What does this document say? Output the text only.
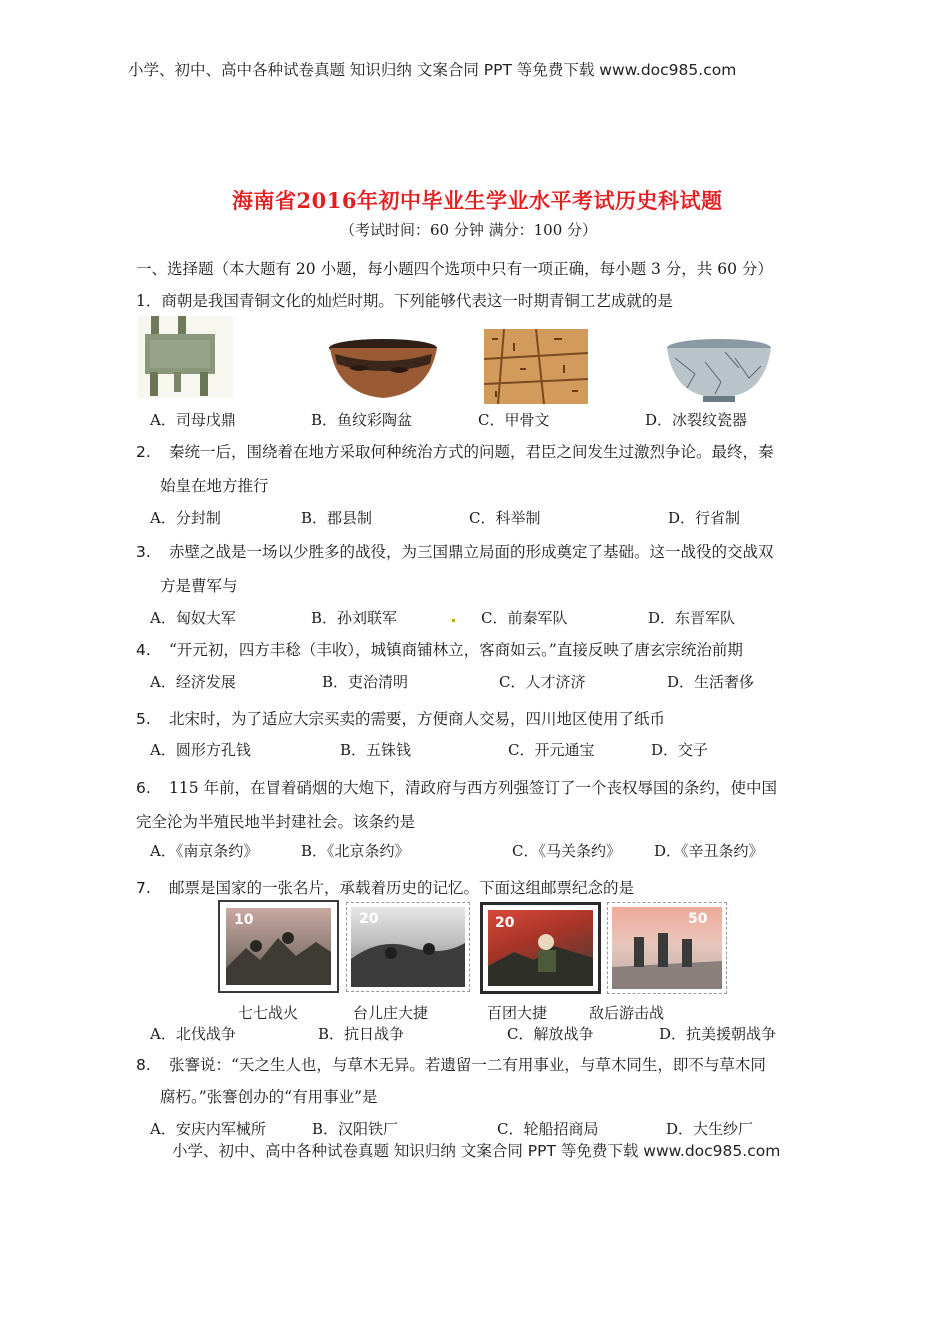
小学、初中、高中各种试卷真题 知识归纳 文案合同 PPT 等免费下载 www.doc985.com
海南省2016年初中毕业生学业水平考试历史科试题
（考试时间：60 分钟 满分：100 分）
一、选择题（本大题有 20 小题，每小题四个选项中只有一项正确，每小题 3 分，共 60 分）
1．商朝是我国青铜文化的灿烂时期。下列能够代表这一时期青铜工艺成就的是
A．司母戊鼎	B．鱼纹彩陶盆	C．甲骨文	D．冰裂纹瓷器
2. 秦统一后，围绕着在地方采取何种统治方式的问题，君臣之间发生过激烈争论。最终，秦
始皇在地方推行
A．分封制	B．郡县制	C．科举制	D．行省制
3. 赤壁之战是一场以少胜多的战役，为三国鼎立局面的形成奠定了基础。这一战役的交战双
方是曹军与
A．匈奴大军	B．孙刘联军	C．前秦军队	D．东晋军队
4. “开元初，四方丰稔（丰收），城镇商铺林立，客商如云。”直接反映了唐玄宗统治前期
A．经济发展	B．吏治清明	C．人才济济	D．生活奢侈
5. 北宋时，为了适应大宗买卖的需要，方便商人交易，四川地区使用了纸币
A．圆形方孔钱	B．五铢钱	C．开元通宝	D．交子
6. 115 年前，在冒着硝烟的大炮下，清政府与西方列强签订了一个丧权辱国的条约，使中国
完全沦为半殖民地半封建社会。该条约是
A．《南京条约》	B．《北京条约》	C．《马关条约》 D．《辛丑条约》
7. 邮票是国家的一张名片，承载着历史的记忆。下面这组邮票纪念的是
10	20	20	50
七七战火	台儿庄大捷	百团大捷	敌后游击战
A．北伐战争	B．抗日战争	C．解放战争	D．抗美援朝战争
8. 张謇说：“天之生人也，与草木无异。若遗留一二有用事业，与草木同生，即不与草木同
腐朽。”张謇创办的“有用事业”是
A．安庆内军械所	B．汉阳铁厂	C．轮船招商局	D．大生纱厂
小学、初中、高中各种试卷真题 知识归纳 文案合同 PPT 等免费下载 www.doc985.com
